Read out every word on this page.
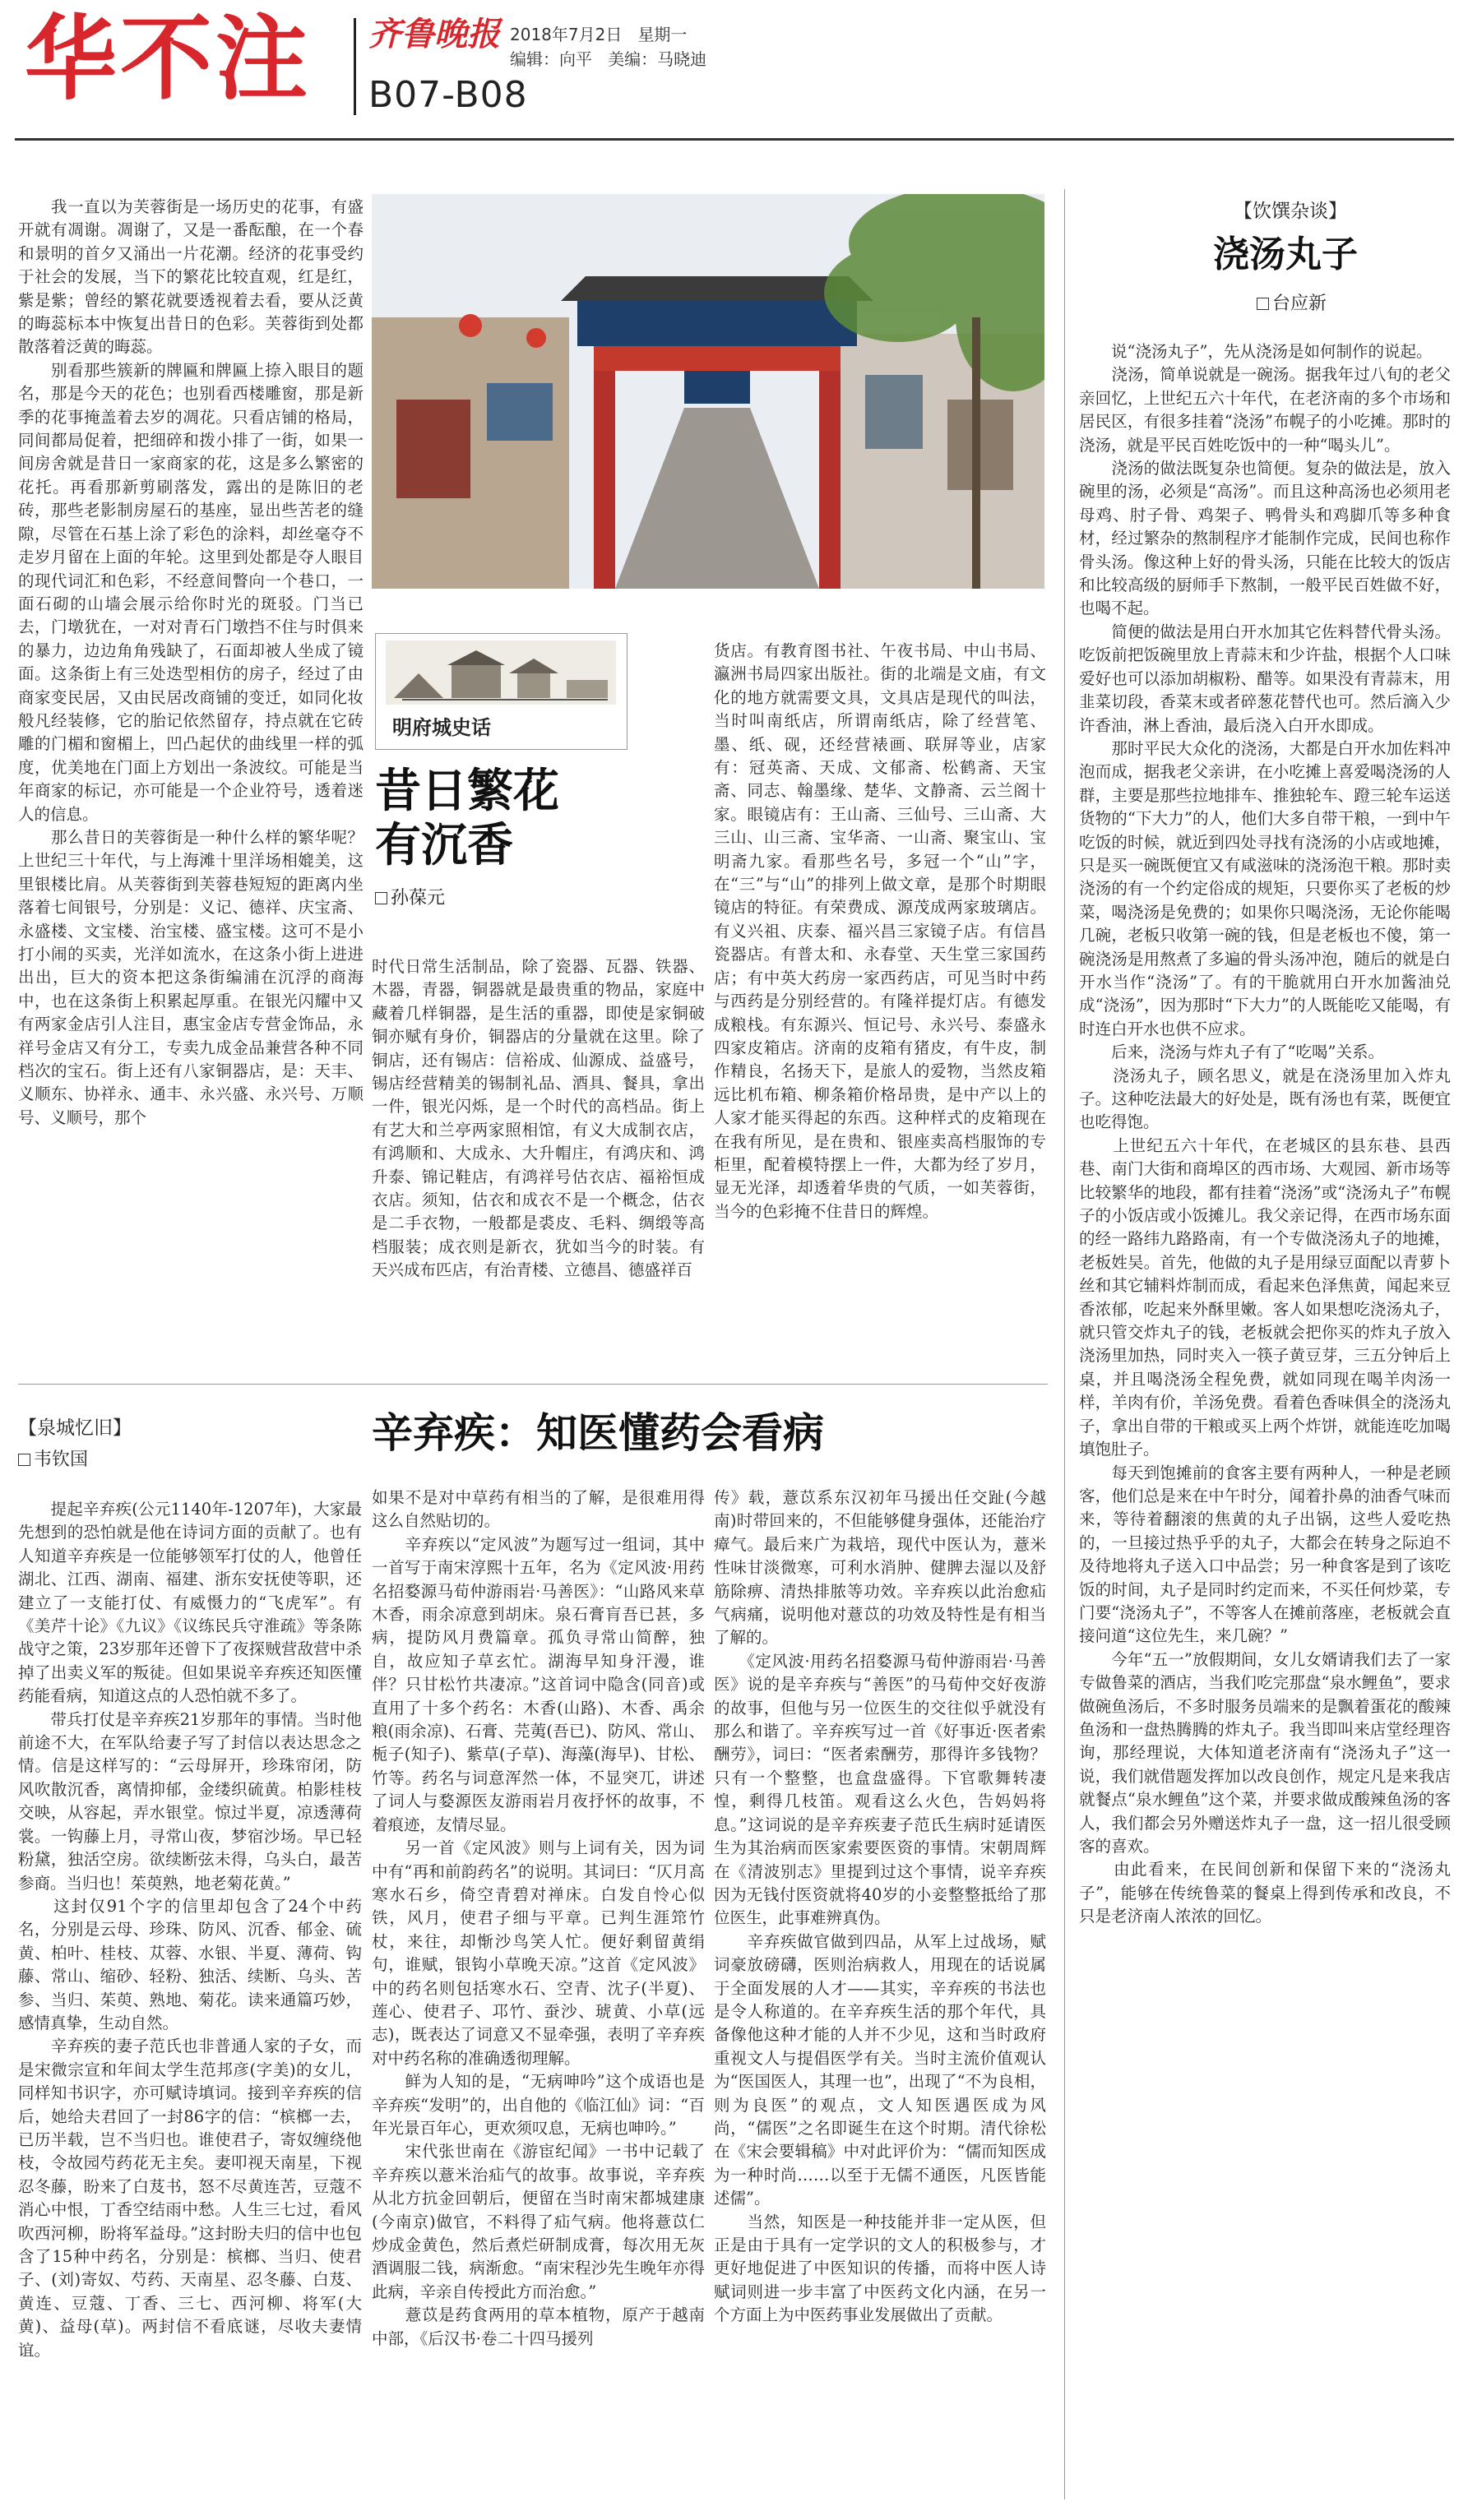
华不注 齐鲁晚报 2018年7月2日 星期一
编辑：向平 美编：马晓迪
B07-B08
　　我一直以为芙蓉街是一场历史的花事，有盛开就有凋谢。凋谢了，又是一番酝酿，在一个春和景明的首夕又涌出一片花潮。经济的花事受约于社会的发展，当下的繁花比较直观，红是红，紫是紫；曾经的繁花就要透视着去看，要从泛黄的晦蕊标本中恢复出昔日的色彩。芙蓉街到处都散落着泛黄的晦蕊。
　　别看那些簇新的牌匾和牌匾上捺入眼目的题名，那是今天的花色；也别看西楼雕窗，那是新季的花事掩盖着去岁的凋花。只看店铺的格局，同间都局促着，把细碎和拨小排了一街，如果一间房舍就是昔日一家商家的花，这是多么繁密的花托。再看那新剪刷落发，露出的是陈旧的老砖，那些老影制房屋石的基座，显出些苦老的缝隙，尽管在石基上涂了彩色的涂料，却丝毫夺不走岁月留在上面的年轮。这里到处都是夺人眼目的现代词汇和色彩，不经意间瞥向一个巷口，一面石砌的山墙会展示给你时光的斑驳。门当已去，门墩犹在，一对对青石门墩挡不住与时俱来的暴力，边边角角残缺了，石面却被人坐成了镜面。这条街上有三处迭型相仿的房子，经过了由商家变民居，又由民居改商铺的变迁，如同化妆般凡经装修，它的胎记依然留存，持点就在它砖雕的门楣和窗楣上，凹凸起伏的曲线里一样的弧度，优美地在门面上方划出一条波纹。可能是当年商家的标记，亦可能是一个企业符号，透着迷人的信息。
　　那么昔日的芙蓉街是一种什么样的繁华呢？上世纪三十年代，与上海滩十里洋场相媲美，这里银楼比肩。从芙蓉街到芙蓉巷短短的距离内坐落着七间银号，分别是：义记、德祥、庆宝斋、永盛楼、文宝楼、治宝楼、盛宝楼。这可不是小打小闹的买卖，光洋如流水，在这条小街上进进出出，巨大的资本把这条街编浦在沉浮的商海中，也在这条街上积累起厚重。在银光闪耀中又有两家金店引人注目，惠宝金店专营金饰品，永祥号金店又有分工，专卖九成金品兼营各种不同档次的宝石。街上还有八家铜器店，是：天丰、义顺东、协祥永、通丰、永兴盛、永兴号、万顺号、义顺号，那个
明府城史话
昔日繁花
有沉香
孙葆元
时代日常生活制品，除了瓷器、瓦器、铁器、木器，青器，铜器就是最贵重的物品，家庭中藏着几样铜器，是生活的重器，即使是家铜破铜亦赋有身价，铜器店的分量就在这里。除了铜店，还有锡店：信裕成、仙源成、益盛号，锡店经营精美的锡制礼品、酒具、餐具，拿出一件，银光闪烁，是一个时代的高档品。街上有艺大和兰亭两家照相馆，有义大成制衣店，有鸿顺和、大成永、大升帽庄，有鸿庆和、鸿升泰、锦记鞋店，有鸿祥号估衣店、福裕恒成衣店。须知，估衣和成衣不是一个概念，估衣是二手衣物，一般都是裘皮、毛料、绸缎等高档服装；成衣则是新衣，犹如当今的时装。有天兴成布匹店，有治青楼、立德昌、德盛祥百
货店。有教育图书社、午夜书局、中山书局、瀛洲书局四家出版社。街的北端是文庙，有文化的地方就需要文具，文具店是现代的叫法，当时叫南纸店，所谓南纸店，除了经营笔、墨、纸、砚，还经营裱画、联屏等业，店家有：冠英斋、天成、文郁斋、松鹤斋、天宝斋、同志、翰墨缘、楚华、文静斋、云兰阁十家。眼镜店有：王山斋、三仙号、三山斋、大三山、山三斋、宝华斋、一山斋、聚宝山、宝明斋九家。看那些名号，多冠一个“山”字，在“三”与“山”的排列上做文章，是那个时期眼镜店的特征。有荣费成、源茂成两家玻璃店。有义兴祖、庆泰、福兴昌三家镜子店。有信昌瓷器店。有普太和、永春堂、天生堂三家国药店；有中英大药房一家西药店，可见当时中药与西药是分别经营的。有隆祥提灯店。有德发成粮栈。有东源兴、恒记号、永兴号、泰盛永四家皮箱店。济南的皮箱有猪皮，有牛皮，制作精良，名扬天下，是旅人的爱物，当然皮箱远比机布箱、柳条箱价格昂贵，是中产以上的人家才能买得起的东西。这种样式的皮箱现在在我有所见，是在贵和、银座卖高档服饰的专柜里，配着模特摆上一件，大都为经了岁月，显无光泽，却透着华贵的气质，一如芙蓉街，当今的色彩掩不住昔日的辉煌。
【饮馔杂谈】
浇汤丸子
台应新
　　说“浇汤丸子”，先从浇汤是如何制作的说起。
　　浇汤，简单说就是一碗汤。据我年过八旬的老父亲回忆，上世纪五六十年代，在老济南的多个市场和居民区，有很多挂着“浇汤”布幌子的小吃摊。那时的浇汤，就是平民百姓吃饭中的一种“喝头儿”。
　　浇汤的做法既复杂也简便。复杂的做法是，放入碗里的汤，必须是“高汤”。而且这种高汤也必须用老母鸡、肘子骨、鸡架子、鸭骨头和鸡脚爪等多种食材，经过繁杂的熬制程序才能制作完成，民间也称作骨头汤。像这种上好的骨头汤，只能在比较大的饭店和比较高级的厨师手下熬制，一般平民百姓做不好，也喝不起。
　　简便的做法是用白开水加其它佐料替代骨头汤。吃饭前把饭碗里放上青蒜末和少许盐，根据个人口味爱好也可以添加胡椒粉、醋等。如果没有青蒜末，用韭菜切段，香菜末或者碎葱花替代也可。然后滴入少许香油，淋上香油，最后浇入白开水即成。
　　那时平民大众化的浇汤，大都是白开水加佐料冲泡而成，据我老父亲讲，在小吃摊上喜爱喝浇汤的人群，主要是那些拉地排车、推独轮车、蹬三轮车运送货物的“下大力”的人，他们大多自带干粮，一到中午吃饭的时候，就近到四处寻找有浇汤的小店或地摊，只是买一碗既便宜又有咸滋味的浇汤泡干粮。那时卖浇汤的有一个约定俗成的规矩，只要你买了老板的炒菜，喝浇汤是免费的；如果你只喝浇汤，无论你能喝几碗，老板只收第一碗的钱，但是老板也不傻，第一碗浇汤是用熬煮了多遍的骨头汤冲泡，随后的就是白开水当作“浇汤”了。有的干脆就用白开水加酱油兑成“浇汤”，因为那时“下大力”的人既能吃又能喝，有时连白开水也供不应求。
　　后来，浇汤与炸丸子有了“吃喝”关系。
　　浇汤丸子，顾名思义，就是在浇汤里加入炸丸子。这种吃法最大的好处是，既有汤也有菜，既便宜也吃得饱。
　　上世纪五六十年代，在老城区的县东巷、县西巷、南门大街和商埠区的西市场、大观园、新市场等比较繁华的地段，都有挂着“浇汤”或“浇汤丸子”布幌子的小饭店或小饭摊儿。我父亲记得，在西市场东面的经一路纬九路路南，有一个专做浇汤丸子的地摊，老板姓吴。首先，他做的丸子是用绿豆面配以青萝卜丝和其它辅料炸制而成，看起来色泽焦黄，闻起来豆香浓郁，吃起来外酥里嫩。客人如果想吃浇汤丸子，就只管交炸丸子的钱，老板就会把你买的炸丸子放入浇汤里加热，同时夹入一筷子黄豆芽，三五分钟后上桌，并且喝浇汤全程免费，就如同现在喝羊肉汤一样，羊肉有价，羊汤免费。看着色香味俱全的浇汤丸子，拿出自带的干粮或买上两个炸饼，就能连吃加喝填饱肚子。
　　每天到饱摊前的食客主要有两种人，一种是老顾客，他们总是来在中午时分，闻着扑鼻的油香气味而来，等待着翻滚的焦黄的丸子出锅，这些人爱吃热的，一旦接过热乎乎的丸子，大都会在转身之际迫不及待地将丸子送入口中品尝；另一种食客是到了该吃饭的时间，丸子是同时约定而来，不买任何炒菜，专门要“浇汤丸子”，不等客人在摊前落座，老板就会直接问道“这位先生，来几碗？”
　　今年“五一”放假期间，女儿女婿请我们去了一家专做鲁菜的酒店，当我们吃完那盘“泉水鲤鱼”，要求做碗鱼汤后，不多时服务员端来的是飘着蛋花的酸辣鱼汤和一盘热腾腾的炸丸子。我当即叫来店堂经理咨询，那经理说，大体知道老济南有“浇汤丸子”这一说，我们就借题发挥加以改良创作，规定凡是来我店就餐点“泉水鲤鱼”这个菜，并要求做成酸辣鱼汤的客人，我们都会另外赠送炸丸子一盘，这一招儿很受顾客的喜欢。
　　由此看来，在民间创新和保留下来的“浇汤丸子”，能够在传统鲁菜的餐桌上得到传承和改良，不只是老济南人浓浓的回忆。
【泉城忆旧】
韦钦国
辛弃疾：知医懂药会看病
　　提起辛弃疾(公元1140年-1207年)，大家最先想到的恐怕就是他在诗词方面的贡献了。也有人知道辛弃疾是一位能够领军打仗的人，他曾任湖北、江西、湖南、福建、浙东安抚使等职，还建立了一支能打仗、有威慑力的“飞虎军”。有《美芹十论》《九议》《议练民兵守淮疏》等条陈战守之策，23岁那年还曾下了夜探贼营敌营中杀掉了出卖义军的叛徒。但如果说辛弃疾还知医懂药能看病，知道这点的人恐怕就不多了。
　　带兵打仗是辛弃疾21岁那年的事情。当时他前途不大，在军队给妻子写了封信以表达思念之情。信是这样写的：“云母屏开，珍珠帘闭，防风吹散沉香，离情抑郁，金缕织硫黄。柏影桂枝交映，从容起，弄水银堂。惊过半夏，凉透薄荷裳。一钩藤上月，寻常山夜，梦宿沙场。早已轻粉黛，独活空房。欲续断弦未得，乌头白，最苦参商。当归也！茱萸熟，地老菊花黄。”
　　这封仅91个字的信里却包含了24个中药名，分别是云母、珍珠、防风、沉香、郁金、硫黄、柏叶、桂枝、苁蓉、水银、半夏、薄荷、钩藤、常山、缩砂、轻粉、独活、续断、乌头、苦参、当归、茱萸、熟地、菊花。读来通篇巧妙，感情真挚，生动自然。
　　辛弃疾的妻子范氏也非普通人家的子女，而是宋微宗宣和年间太学生范邦彦(字美)的女儿，同样知书识字，亦可赋诗填词。接到辛弃疾的信后，她给夫君回了一封86字的信：“槟榔一去，已历半载，岂不当归也。谁使君子，寄奴缠绕他枝，令故园芍药花无主矣。妻叩视天南星，下视忍冬藤，盼来了白芨书，怒不尽黄连苦，豆蔻不消心中恨，丁香空结雨中愁。人生三七过，看风吹西河柳，盼将军益母。”这封盼夫归的信中也包含了15种中药名，分别是：槟榔、当归、使君子、(刘)寄奴、芍药、天南星、忍冬藤、白芨、黄连、豆蔻、丁香、三七、西河柳、将军(大黄)、益母(草)。两封信不看底谜，尽收夫妻情谊。
如果不是对中草药有相当的了解，是很难用得这么自然贴切的。
　　辛弃疾以“定风波”为题写过一组词，其中一首写于南宋淳熙十五年，名为《定风波·用药名招婺源马荀仲游雨岩·马善医》：“山路风来草木香，雨余凉意到胡床。泉石膏肓吾已甚，多病，提防风月费篇章。孤负寻常山简醉，独自，故应知子草玄忙。湖海早知身汗漫，谁伴？只甘松竹共凄凉。”这首词中隐含(同音)或直用了十多个药名：木香(山路)、木香、禹余粮(雨余凉)、石膏、芫荑(吾已)、防风、常山、栀子(知子)、紫草(子草)、海藻(海早)、甘松、竹等。药名与词意浑然一体，不显突兀，讲述了词人与婺源医友游雨岩月夜抒怀的故事，不着痕迹，友情尽显。
　　另一首《定风波》则与上词有关，因为词中有“再和前韵药名”的说明。其词曰：“仄月高寒水石乡，倚空青碧对禅床。白发自怜心似铁，风月，使君子细与平章。已判生涯筇竹杖，来往，却惭沙鸟笑人忙。便好剩留黄绢句，谁赋，银钩小草晚天凉。”这首《定风波》中的药名则包括寒水石、空青、沈子(半夏)、莲心、使君子、邛竹、蚕沙、琥黄、小草(远志)，既表达了词意又不显牵强，表明了辛弃疾对中药名称的准确透彻理解。
　　鲜为人知的是，“无病呻吟”这个成语也是辛弃疾“发明”的，出自他的《临江仙》词：“百年光景百年心，更欢须叹息，无病也呻吟。”
　　宋代张世南在《游宦纪闻》一书中记载了辛弃疾以薏米治疝气的故事。故事说，辛弃疾从北方抗金回朝后，便留在当时南宋都城建康(今南京)做官，不料得了疝气病。他将薏苡仁炒成金黄色，然后煮烂研制成膏，每次用无灰酒调服二钱，病渐愈。“南宋程沙先生晚年亦得此病，辛亲自传授此方而治愈。”
　　薏苡是药食两用的草本植物，原产于越南中部，《后汉书·卷二十四马援列
传》载，薏苡系东汉初年马援出任交趾(今越南)时带回来的，不但能够健身强体，还能治疗瘴气。最后来广为栽培，现代中医认为，薏米性味甘淡微寒，可利水消肿、健脾去湿以及舒筋除痹、清热排脓等功效。辛弃疾以此治愈疝气病痛，说明他对薏苡的功效及特性是有相当了解的。
　　《定风波·用药名招婺源马荀仲游雨岩·马善医》说的是辛弃疾与“善医”的马荀仲交好夜游的故事，但他与另一位医生的交往似乎就没有那么和谐了。辛弃疾写过一首《好事近·医者索酬劳》，词曰：“医者索酬劳，那得许多钱物？只有一个整整，也盒盘盛得。下官歌舞转凄惶，剩得几枝笛。观看这么火色，告妈妈将息。”这词说的是辛弃疾妻子范氏生病时延请医生为其治病而医家索要医资的事情。宋朝周辉在《清波别志》里提到过这个事情，说辛弃疾因为无钱付医资就将40岁的小妾整整抵给了那位医生，此事难辨真伪。
　　辛弃疾做官做到四品，从军上过战场，赋词豪放磅礴，医则治病救人，用现在的话说属于全面发展的人才——其实，辛弃疾的书法也是令人称道的。在辛弃疾生活的那个年代，具备像他这种才能的人并不少见，这和当时政府重视文人与提倡医学有关。当时主流价值观认为“医国医人，其理一也”，出现了“不为良相，则为良医”的观点，文人知医遇医成为风尚，“儒医”之名即诞生在这个时期。清代徐松在《宋会要辑稿》中对此评价为：“儒而知医成为一种时尚……以至于无儒不通医，凡医皆能述儒”。
　　当然，知医是一种技能并非一定从医，但正是由于具有一定学识的文人的积极参与，才更好地促进了中医知识的传播，而将中医人诗赋词则进一步丰富了中医药文化内涵，在另一个方面上为中医药事业发展做出了贡献。
